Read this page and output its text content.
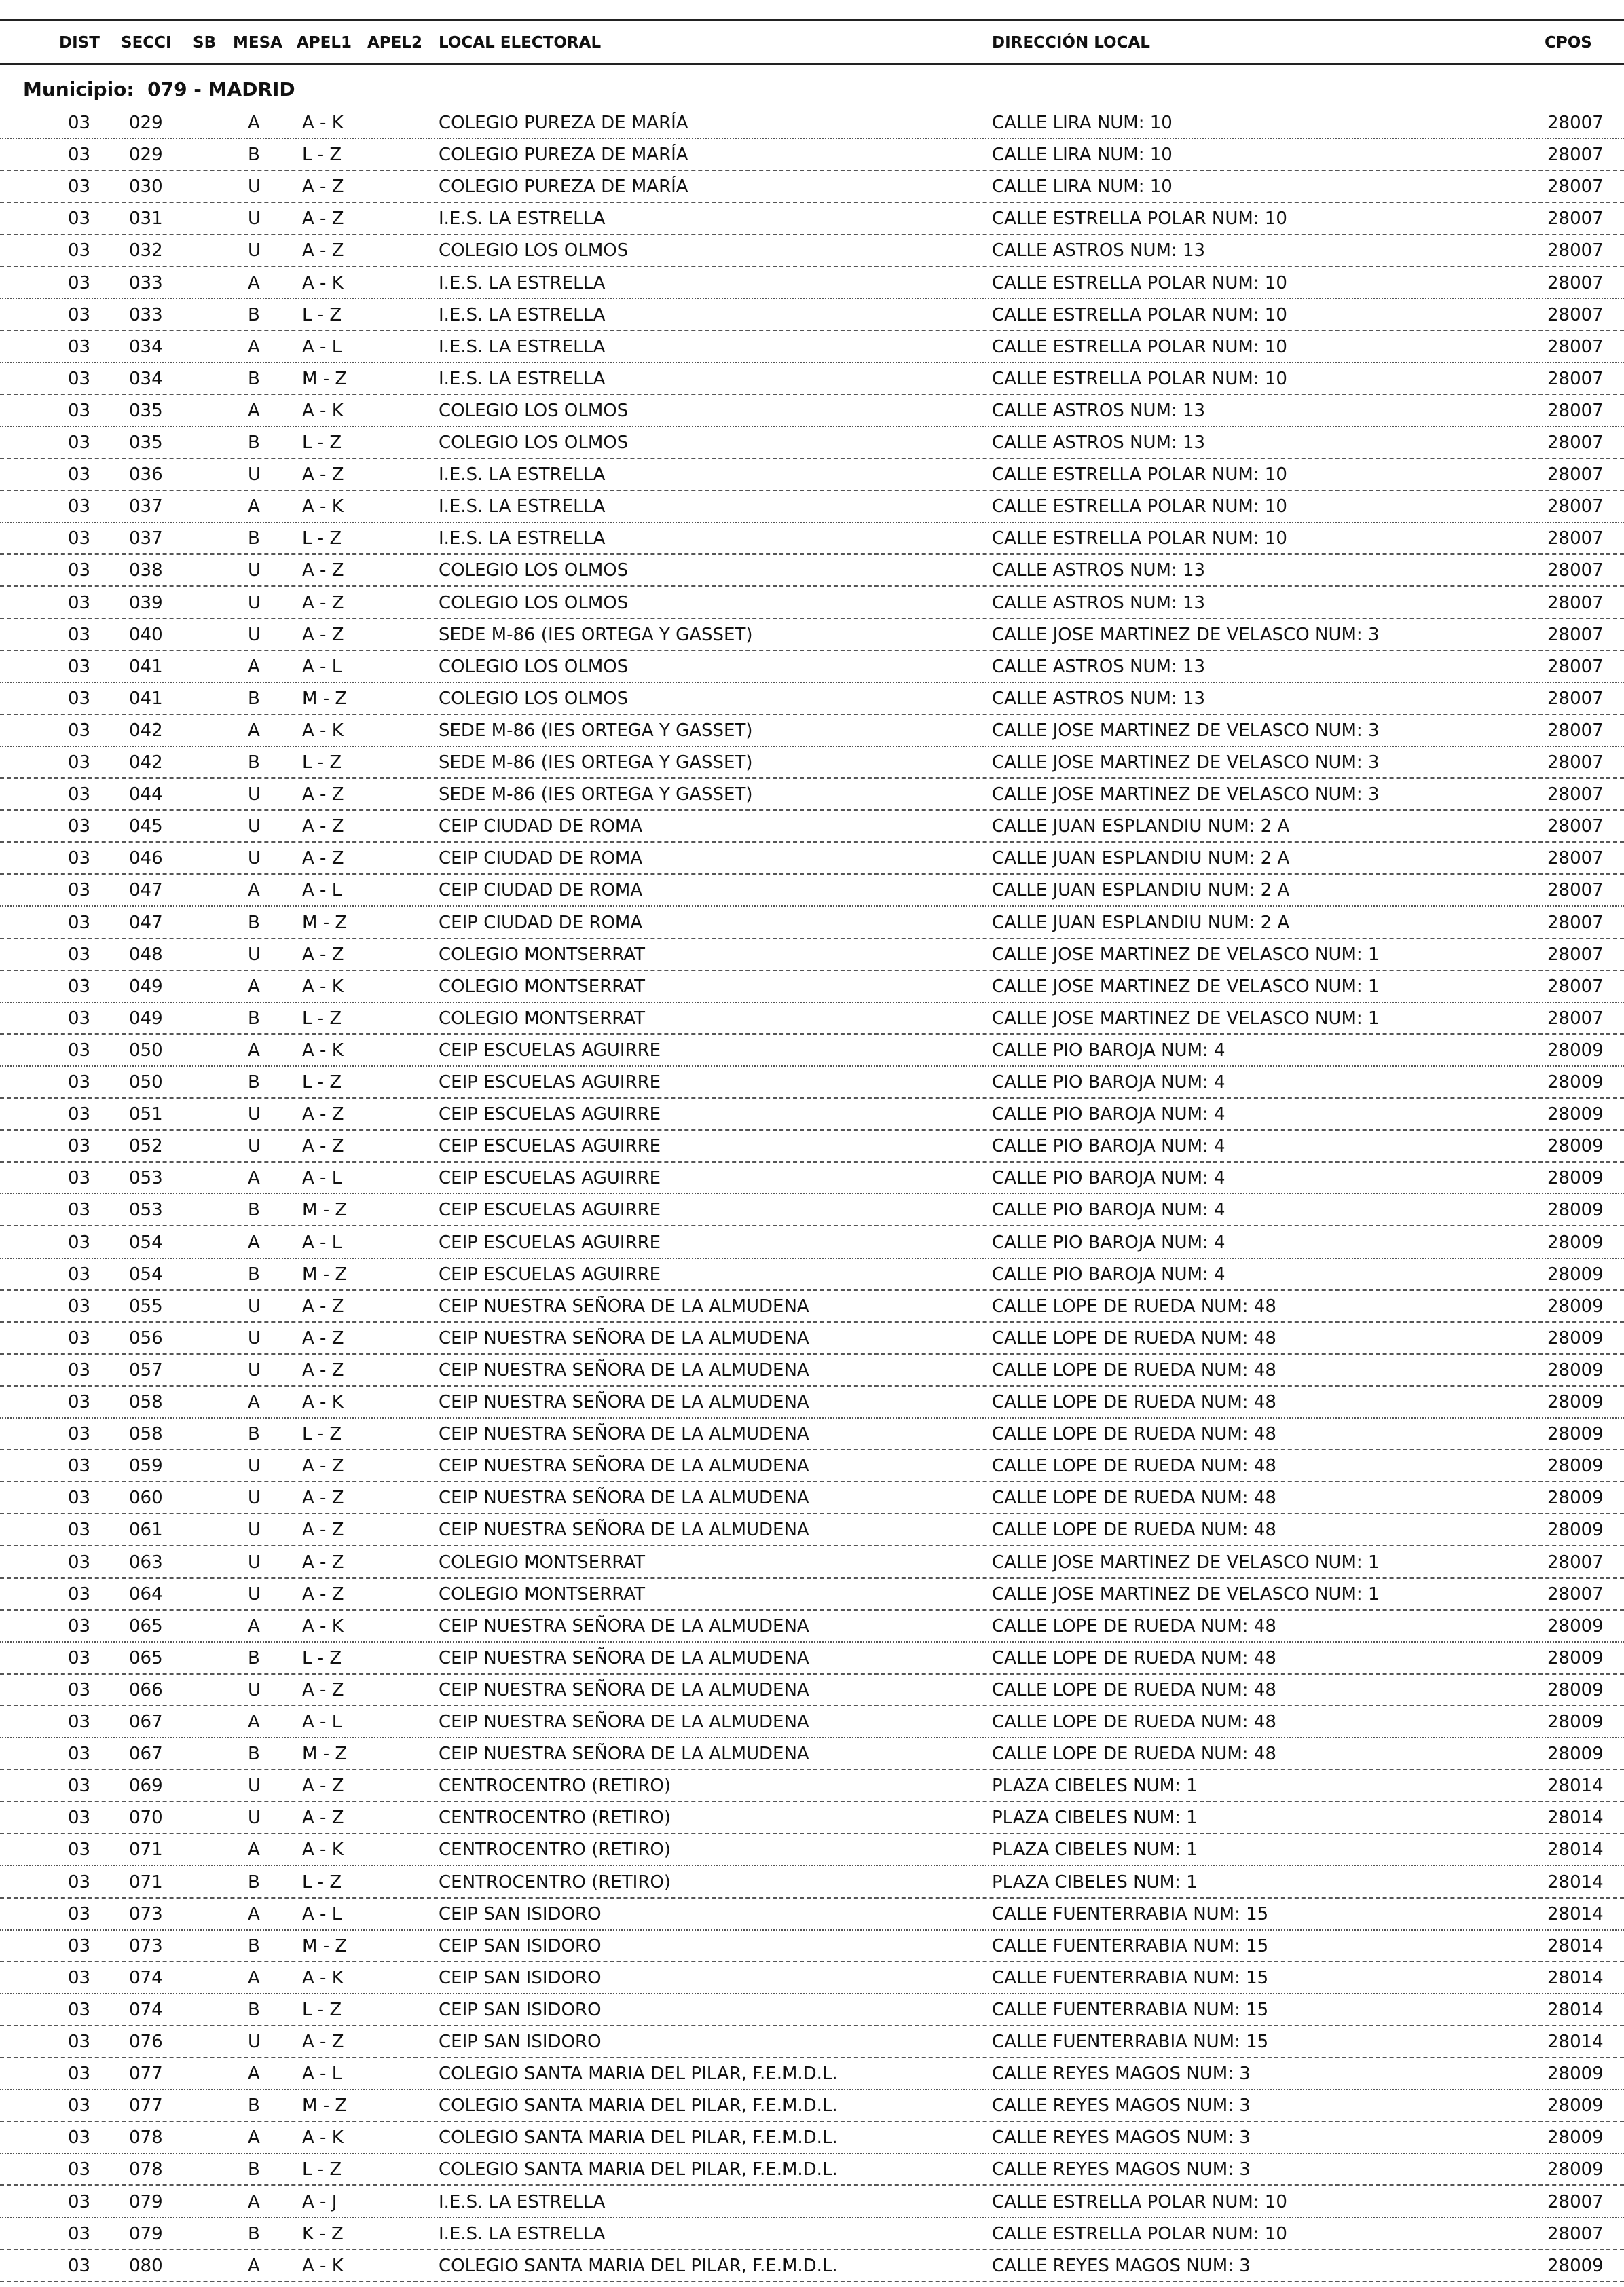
DIST SECCI SB MESA APEL1 APEL2 LOCAL ELECTORAL	DIRECCIÓN LOCAL	CPOS
Municipio: 079 - MADRID
03 029	A A - K	COLEGIO PUREZA DE MARÍA	CALLE LIRA NUM: 10	28007
03 029	B L - Z	COLEGIO PUREZA DE MARÍA	CALLE LIRA NUM: 10	28007
03 030	U A - Z	COLEGIO PUREZA DE MARÍA	CALLE LIRA NUM: 10	28007
03 031	U A - Z	I.E.S. LA ESTRELLA	CALLE ESTRELLA POLAR NUM: 10	28007
03 032	U A - Z	COLEGIO LOS OLMOS	CALLE ASTROS NUM: 13	28007
03 033	A A - K	I.E.S. LA ESTRELLA	CALLE ESTRELLA POLAR NUM: 10	28007
03 033	B L - Z	I.E.S. LA ESTRELLA	CALLE ESTRELLA POLAR NUM: 10	28007
03 034	A A - L	I.E.S. LA ESTRELLA	CALLE ESTRELLA POLAR NUM: 10	28007
03 034	B M - Z	I.E.S. LA ESTRELLA	CALLE ESTRELLA POLAR NUM: 10	28007
03 035	A A - K	COLEGIO LOS OLMOS	CALLE ASTROS NUM: 13	28007
03 035	B L - Z	COLEGIO LOS OLMOS	CALLE ASTROS NUM: 13	28007
03 036	U A - Z	I.E.S. LA ESTRELLA	CALLE ESTRELLA POLAR NUM: 10	28007
03 037	A A - K	I.E.S. LA ESTRELLA	CALLE ESTRELLA POLAR NUM: 10	28007
03 037	B L - Z	I.E.S. LA ESTRELLA	CALLE ESTRELLA POLAR NUM: 10	28007
03 038	U A - Z	COLEGIO LOS OLMOS	CALLE ASTROS NUM: 13	28007
03 039	U A - Z	COLEGIO LOS OLMOS	CALLE ASTROS NUM: 13	28007
03 040	U A - Z	SEDE M-86 (IES ORTEGA Y GASSET)	CALLE JOSE MARTINEZ DE VELASCO NUM: 3	28007
03 041	A A - L	COLEGIO LOS OLMOS	CALLE ASTROS NUM: 13	28007
03 041	B M - Z	COLEGIO LOS OLMOS	CALLE ASTROS NUM: 13	28007
03 042	A A - K	SEDE M-86 (IES ORTEGA Y GASSET)	CALLE JOSE MARTINEZ DE VELASCO NUM: 3	28007
03 042	B L - Z	SEDE M-86 (IES ORTEGA Y GASSET)	CALLE JOSE MARTINEZ DE VELASCO NUM: 3	28007
03 044	U A - Z	SEDE M-86 (IES ORTEGA Y GASSET)	CALLE JOSE MARTINEZ DE VELASCO NUM: 3	28007
03 045	U A - Z	CEIP CIUDAD DE ROMA	CALLE JUAN ESPLANDIU NUM: 2 A	28007
03 046	U A - Z	CEIP CIUDAD DE ROMA	CALLE JUAN ESPLANDIU NUM: 2 A	28007
03 047	A A - L	CEIP CIUDAD DE ROMA	CALLE JUAN ESPLANDIU NUM: 2 A	28007
03 047	B M - Z	CEIP CIUDAD DE ROMA	CALLE JUAN ESPLANDIU NUM: 2 A	28007
03 048	U A - Z	COLEGIO MONTSERRAT	CALLE JOSE MARTINEZ DE VELASCO NUM: 1	28007
03 049	A A - K	COLEGIO MONTSERRAT	CALLE JOSE MARTINEZ DE VELASCO NUM: 1	28007
03 049	B L - Z	COLEGIO MONTSERRAT	CALLE JOSE MARTINEZ DE VELASCO NUM: 1	28007
03 050	A A - K	CEIP ESCUELAS AGUIRRE	CALLE PIO BAROJA NUM: 4	28009
03 050	B L - Z	CEIP ESCUELAS AGUIRRE	CALLE PIO BAROJA NUM: 4	28009
03 051	U A - Z	CEIP ESCUELAS AGUIRRE	CALLE PIO BAROJA NUM: 4	28009
03 052	U A - Z	CEIP ESCUELAS AGUIRRE	CALLE PIO BAROJA NUM: 4	28009
03 053	A A - L	CEIP ESCUELAS AGUIRRE	CALLE PIO BAROJA NUM: 4	28009
03 053	B M - Z	CEIP ESCUELAS AGUIRRE	CALLE PIO BAROJA NUM: 4	28009
03 054	A A - L	CEIP ESCUELAS AGUIRRE	CALLE PIO BAROJA NUM: 4	28009
03 054	B M - Z	CEIP ESCUELAS AGUIRRE	CALLE PIO BAROJA NUM: 4	28009
03 055	U A - Z	CEIP NUESTRA SEÑORA DE LA ALMUDENA	CALLE LOPE DE RUEDA NUM: 48	28009
03 056	U A - Z	CEIP NUESTRA SEÑORA DE LA ALMUDENA	CALLE LOPE DE RUEDA NUM: 48	28009
03 057	U A - Z	CEIP NUESTRA SEÑORA DE LA ALMUDENA	CALLE LOPE DE RUEDA NUM: 48	28009
03 058	A A - K	CEIP NUESTRA SEÑORA DE LA ALMUDENA	CALLE LOPE DE RUEDA NUM: 48	28009
03 058	B L - Z	CEIP NUESTRA SEÑORA DE LA ALMUDENA	CALLE LOPE DE RUEDA NUM: 48	28009
03 059	U A - Z	CEIP NUESTRA SEÑORA DE LA ALMUDENA	CALLE LOPE DE RUEDA NUM: 48	28009
03 060	U A - Z	CEIP NUESTRA SEÑORA DE LA ALMUDENA	CALLE LOPE DE RUEDA NUM: 48	28009
03 061	U A - Z	CEIP NUESTRA SEÑORA DE LA ALMUDENA	CALLE LOPE DE RUEDA NUM: 48	28009
03 063	U A - Z	COLEGIO MONTSERRAT	CALLE JOSE MARTINEZ DE VELASCO NUM: 1	28007
03 064	U A - Z	COLEGIO MONTSERRAT	CALLE JOSE MARTINEZ DE VELASCO NUM: 1	28007
03 065	A A - K	CEIP NUESTRA SEÑORA DE LA ALMUDENA	CALLE LOPE DE RUEDA NUM: 48	28009
03 065	B L - Z	CEIP NUESTRA SEÑORA DE LA ALMUDENA	CALLE LOPE DE RUEDA NUM: 48	28009
03 066	U A - Z	CEIP NUESTRA SEÑORA DE LA ALMUDENA	CALLE LOPE DE RUEDA NUM: 48	28009
03 067	A A - L	CEIP NUESTRA SEÑORA DE LA ALMUDENA	CALLE LOPE DE RUEDA NUM: 48	28009
03 067	B M - Z	CEIP NUESTRA SEÑORA DE LA ALMUDENA	CALLE LOPE DE RUEDA NUM: 48	28009
03 069	U A - Z	CENTROCENTRO (RETIRO)	PLAZA CIBELES NUM: 1	28014
03 070	U A - Z	CENTROCENTRO (RETIRO)	PLAZA CIBELES NUM: 1	28014
03 071	A A - K	CENTROCENTRO (RETIRO)	PLAZA CIBELES NUM: 1	28014
03 071	B L - Z	CENTROCENTRO (RETIRO)	PLAZA CIBELES NUM: 1	28014
03 073	A A - L	CEIP SAN ISIDORO	CALLE FUENTERRABIA NUM: 15	28014
03 073	B M - Z	CEIP SAN ISIDORO	CALLE FUENTERRABIA NUM: 15	28014
03 074	A A - K	CEIP SAN ISIDORO	CALLE FUENTERRABIA NUM: 15	28014
03 074	B L - Z	CEIP SAN ISIDORO	CALLE FUENTERRABIA NUM: 15	28014
03 076	U A - Z	CEIP SAN ISIDORO	CALLE FUENTERRABIA NUM: 15	28014
03 077	A A - L	COLEGIO SANTA MARIA DEL PILAR, F.E.M.D.L.	CALLE REYES MAGOS NUM: 3	28009
03 077	B M - Z	COLEGIO SANTA MARIA DEL PILAR, F.E.M.D.L.	CALLE REYES MAGOS NUM: 3	28009
03 078	A A - K	COLEGIO SANTA MARIA DEL PILAR, F.E.M.D.L.	CALLE REYES MAGOS NUM: 3	28009
03 078	B L - Z	COLEGIO SANTA MARIA DEL PILAR, F.E.M.D.L.	CALLE REYES MAGOS NUM: 3	28009
03 079	A A - J	I.E.S. LA ESTRELLA	CALLE ESTRELLA POLAR NUM: 10	28007
03 079	B K - Z	I.E.S. LA ESTRELLA	CALLE ESTRELLA POLAR NUM: 10	28007
03 080	A A - K	COLEGIO SANTA MARIA DEL PILAR, F.E.M.D.L.	CALLE REYES MAGOS NUM: 3	28009
